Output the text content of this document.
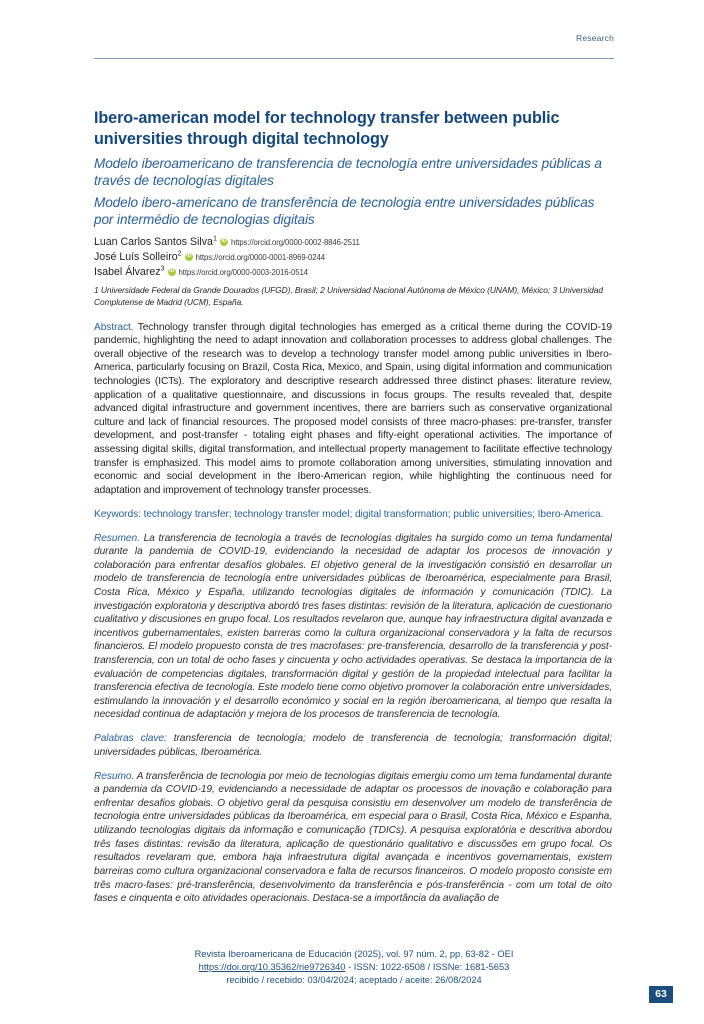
Research
Ibero-american model for technology transfer between public universities through digital technology
Modelo iberoamericano de transferencia de tecnología entre universidades públicas a través de tecnologías digitales
Modelo ibero-americano de transferência de tecnologia entre universidades públicas por intermédio de tecnologias digitais
Luan Carlos Santos Silva$^1$iDhttps://orcid.org/0000-0002-8846-2511
José Luís Solleiro$^2$iDhttps://orcid.org/0000-0001-8969-0244
Isabel Álvarez$^3$iDhttps://orcid.org/0000-0003-2016-0514
1 Universidade Federal da Grande Dourados (UFGD), Brasil; 2 Universidad Nacional Autónoma de México (UNAM), México; 3 Universidad Complutense de Madrid (UCM), España.

Abstract. Technology transfer through digital technologies has emerged as a critical theme during the COVID-19 pandemic, highlighting the need to adapt innovation and collaboration processes to address global challenges. The overall objective of the research was to develop a technology transfer model among public universities in Ibero-America, particularly focusing on Brazil, Costa Rica, Mexico, and Spain, using digital information and communication technologies (ICTs). The exploratory and descriptive research addressed three distinct phases: literature review, application of a qualitative questionnaire, and discussions in focus groups. The results revealed that, despite advanced digital infrastructure and government incentives, there are barriers such as conservative organizational culture and lack of financial resources. The proposed model consists of three macro-phases: pre-transfer, transfer development, and post-transfer - totaling eight phases and fifty-eight operational activities. The importance of assessing digital skills, digital transformation, and intellectual property management to facilitate effective technology transfer is emphasized. This model aims to promote collaboration among universities, stimulating innovation and economic and social development in the Ibero-American region, while highlighting the continuous need for adaptation and improvement of technology transfer processes.

Keywords: technology transfer; technology transfer model; digital transformation; public universities; Ibero-America.

Resumen. La transferencia de tecnología a través de tecnologías digitales ha surgido como un tema fundamental durante la pandemia de COVID-19, evidenciando la necesidad de adaptar los procesos de innovación y colaboración para enfrentar desafíos globales. El objetivo general de la investigación consistió en desarrollar un modelo de transferencia de tecnología entre universidades públicas de Iberoamérica, especialmente para Brasil, Costa Rica, México y España, utilizando tecnologías digitales de información y comunicación (TDIC). La investigación exploratoria y descriptiva abordó tres fases distintas: revisión de la literatura, aplicación de cuestionario cualitativo y discusiones en grupo focal. Los resultados revelaron que, aunque hay infraestructura digital avanzada e incentivos gubernamentales, existen barreras como la cultura organizacional conservadora y la falta de recursos financieros. El modelo propuesto consta de tres macrofases: pre-transferencia, desarrollo de la transferencia y post-transferencia, con un total de ocho fases y cincuenta y ocho actividades operativas. Se destaca la importancia de la evaluación de competencias digitales, transformación digital y gestión de la propiedad intelectual para facilitar la transferencia efectiva de tecnología. Este modelo tiene como objetivo promover la colaboración entre universidades, estimulando la innovación y el desarrollo económico y social en la región iberoamericana, al tiempo que resalta la necesidad continua de adaptación y mejora de los procesos de transferencia de tecnología.

Palabras clave: transferencia de tecnología; modelo de transferencia de tecnología; transformación digital; universidades públicas, Iberoamérica.

Resumo. A transferência de tecnologia por meio de tecnologias digitais emergiu como um tema fundamental durante a pandemia da COVID-19, evidenciando a necessidade de adaptar os processos de inovação e colaboração para enfrentar desafios globais. O objetivo geral da pesquisa consistiu em desenvolver um modelo de transferência de tecnologia entre universidades públicas da Iberoamérica, em especial para o Brasil, Costa Rica, México e Espanha, utilizando tecnologias digitais da informação e comunicação (TDICs). A pesquisa exploratória e descritiva abordou três fases distintas: revisão da literatura, aplicação de questionário qualitativo e discussões em grupo focal. Os resultados revelaram que, embora haja infraestrutura digital avançada e incentivos governamentais, existem barreiras como cultura organizacional conservadora e falta de recursos financeiros. O modelo proposto consiste em três macro-fases: pré-transferência, desenvolvimento da transferência e pós-transferência - com um total de oito fases e cinquenta e oito atividades operacionais. Destaca-se a importância da avaliação de

Revista Iberoamericana de Educación (2025), vol. 97 núm. 2, pp. 63-82 - OEI
https://doi.org/10.35362/rie9726340 - ISSN: 1022-6508 / ISSNe: 1681-5653
recibido / recebido: 03/04/2024; aceptado / aceite: 26/08/2024
63
